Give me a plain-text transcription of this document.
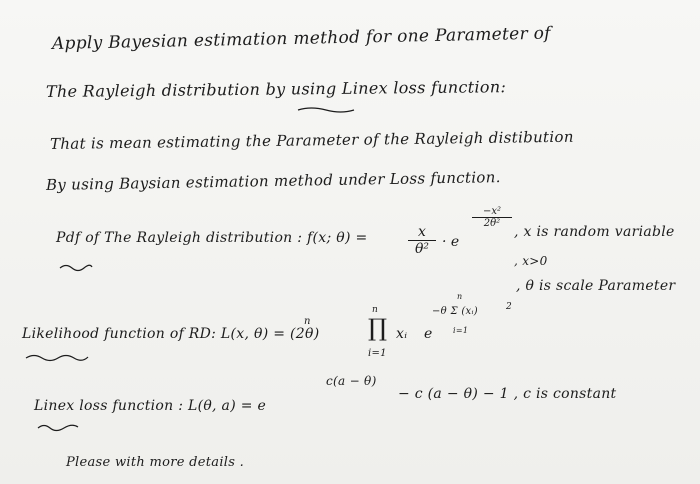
Apply Bayesian estimation method for one Parameter of
The Rayleigh distribution by using Linex loss function:
That is mean estimating the Parameter of the Rayleigh distibution
By using Baysian estimation method under Loss function.
Pdf of The Rayleigh distribution : f(x; θ) =	$\frac{x}{\text{θ²}} \cdot e$
$\frac{\text{−x²}}{\text{2θ²}}$
, x is random variable
, x>0
, θ is scale Parameter
Likelihood function of RD: L(x, θ) = (2θ)
n
n
∏
i=1
xᵢ e
−θ Σ (xᵢ)
n
i=1
2
Linex loss function : L(θ, a) = e
c(a − θ)
− c (a − θ) − 1 , c is constant
Please with more details .
